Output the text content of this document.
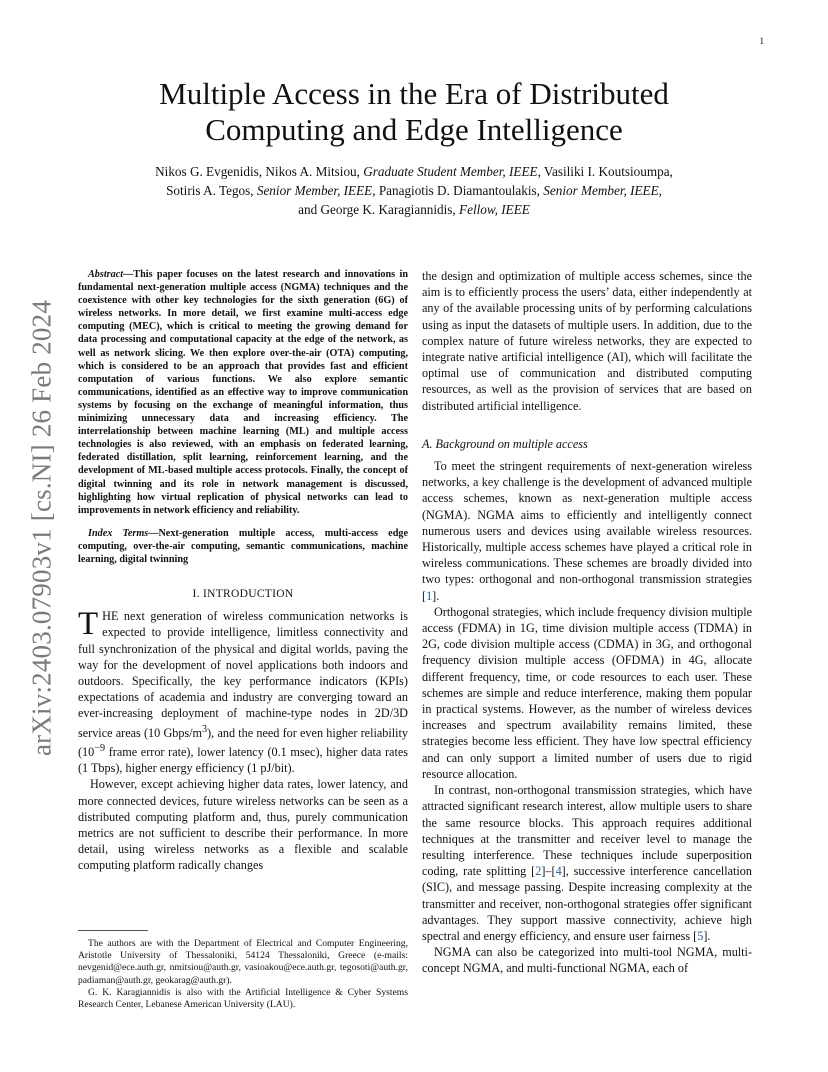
1
arXiv:2403.07903v1 [cs.NI] 26 Feb 2024
Multiple Access in the Era of Distributed
Computing and Edge Intelligence
Nikos G. Evgenidis, Nikos A. Mitsiou, Graduate Student Member, IEEE, Vasiliki I. Koutsioumpa,
Sotiris A. Tegos, Senior Member, IEEE, Panagiotis D. Diamantoulakis, Senior Member, IEEE,
and George K. Karagiannidis, Fellow, IEEE

Abstract—This paper focuses on the latest research and innovations in fundamental next-generation multiple access (NGMA) techniques and the coexistence with other key technologies for the sixth generation (6G) of wireless networks. In more detail, we first examine multi-access edge computing (MEC), which is critical to meeting the growing demand for data processing and computational capacity at the edge of the network, as well as network slicing. We then explore over-the-air (OTA) computing, which is considered to be an approach that provides fast and efficient computation of various functions. We also explore semantic communications, identified as an effective way to improve communication systems by focusing on the exchange of meaningful information, thus minimizing unnecessary data and increasing efficiency. The interrelationship between machine learning (ML) and multiple access technologies is also reviewed, with an emphasis on federated learning, federated distillation, split learning, reinforcement learning, and the development of ML-based multiple access protocols. Finally, the concept of digital twinning and its role in network management is discussed, highlighting how virtual replication of physical networks can lead to improvements in network efficiency and reliability.

Index Terms—Next-generation multiple access, multi-access edge computing, over-the-air computing, semantic communications, machine learning, digital twinning

I. INTRODUCTION

THE next generation of wireless communication networks is expected to provide intelligence, limitless connectivity and full synchronization of the physical and digital worlds, paving the way for the development of novel applications both indoors and outdoors. Specifically, the key performance indicators (KPIs) expectations of academia and industry are converging toward an ever-increasing deployment of machine-type nodes in 2D/3D service areas (10 Gbps/$m^3$), and the need for even higher reliability ($10^{-9}$ frame error rate), lower latency (0.1 msec), higher data rates (1 Tbps), higher energy efficiency (1 pJ/bit).

However, except achieving higher data rates, lower latency, and more connected devices, future wireless networks can be seen as a distributed computing platform and, thus, purely communication metrics are not sufficient to describe their performance. In more detail, using wireless networks as a flexible and scalable computing platform radically changes

the design and optimization of multiple access schemes, since the aim is to efficiently process the users’ data, either independently at any of the available processing units of by performing calculations using as input the datasets of multiple users. In addition, due to the complex nature of future wireless networks, they are expected to integrate native artificial intelligence (AI), which will facilitate the optimal use of communication and distributed computing resources, as well as the provision of services that are based on distributed artificial intelligence.

A. Background on multiple access

To meet the stringent requirements of next-generation wireless networks, a key challenge is the development of advanced multiple access schemes, known as next-generation multiple access (NGMA). NGMA aims to efficiently and intelligently connect numerous users and devices using available wireless resources. Historically, multiple access schemes have played a critical role in wireless communications. These schemes are broadly divided into two types: orthogonal and non-orthogonal transmission strategies [1].

Orthogonal strategies, which include frequency division multiple access (FDMA) in 1G, time division multiple access (TDMA) in 2G, code division multiple access (CDMA) in 3G, and orthogonal frequency division multiple access (OFDMA) in 4G, allocate different frequency, time, or code resources to each user. These schemes are simple and reduce interference, making them popular in practical systems. However, as the number of wireless devices increases and spectrum availability remains limited, these strategies become less efficient. They have low spectral efficiency and can only support a limited number of users due to rigid resource allocation.

In contrast, non-orthogonal transmission strategies, which have attracted significant research interest, allow multiple users to share the same resource blocks. This approach requires additional techniques at the transmitter and receiver level to manage the resulting interference. These techniques include superposition coding, rate splitting [2]–[4], successive interference cancellation (SIC), and message passing. Despite increasing complexity at the transmitter and receiver, non-orthogonal strategies offer significant advantages. They support massive connectivity, achieve high spectral and energy efficiency, and ensure user fairness [5].

NGMA can also be categorized into multi-tool NGMA, multi-concept NGMA, and multi-functional NGMA, each of

The authors are with the Department of Electrical and Computer Engineering, Aristotle University of Thessaloniki, 54124 Thessaloniki, Greece (e-mails: nevgenid@ece.auth.gr, nmitsiou@auth.gr, vasioakou@ece.auth.gr, tegosoti@auth.gr, padiaman@auth.gr, geokarag@auth.gr).

G. K. Karagiannidis is also with the Artificial Intelligence & Cyber Systems Research Center, Lebanese American University (LAU).
